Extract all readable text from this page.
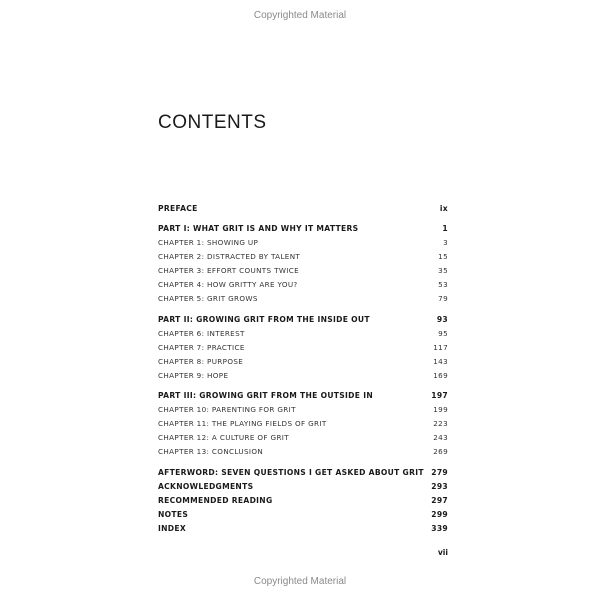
Copyrighted Material
CONTENTS
PREFACE	ix
PART I: WHAT GRIT IS AND WHY IT MATTERS	1
CHAPTER 1: SHOWING UP	3
CHAPTER 2: DISTRACTED BY TALENT	15
CHAPTER 3: EFFORT COUNTS TWICE	35
CHAPTER 4: HOW GRITTY ARE YOU?	53
CHAPTER 5: GRIT GROWS	79
PART II: GROWING GRIT FROM THE INSIDE OUT	93
CHAPTER 6: INTEREST	95
CHAPTER 7: PRACTICE	117
CHAPTER 8: PURPOSE	143
CHAPTER 9: HOPE	169
PART III: GROWING GRIT FROM THE OUTSIDE IN	197
CHAPTER 10: PARENTING FOR GRIT	199
CHAPTER 11: THE PLAYING FIELDS OF GRIT	223
CHAPTER 12: A CULTURE OF GRIT	243
CHAPTER 13: CONCLUSION	269
AFTERWORD: SEVEN QUESTIONS I GET ASKED ABOUT GRIT 279
ACKNOWLEDGMENTS	293
RECOMMENDED READING	297
NOTES	299
INDEX	339
vii
Copyrighted Material
